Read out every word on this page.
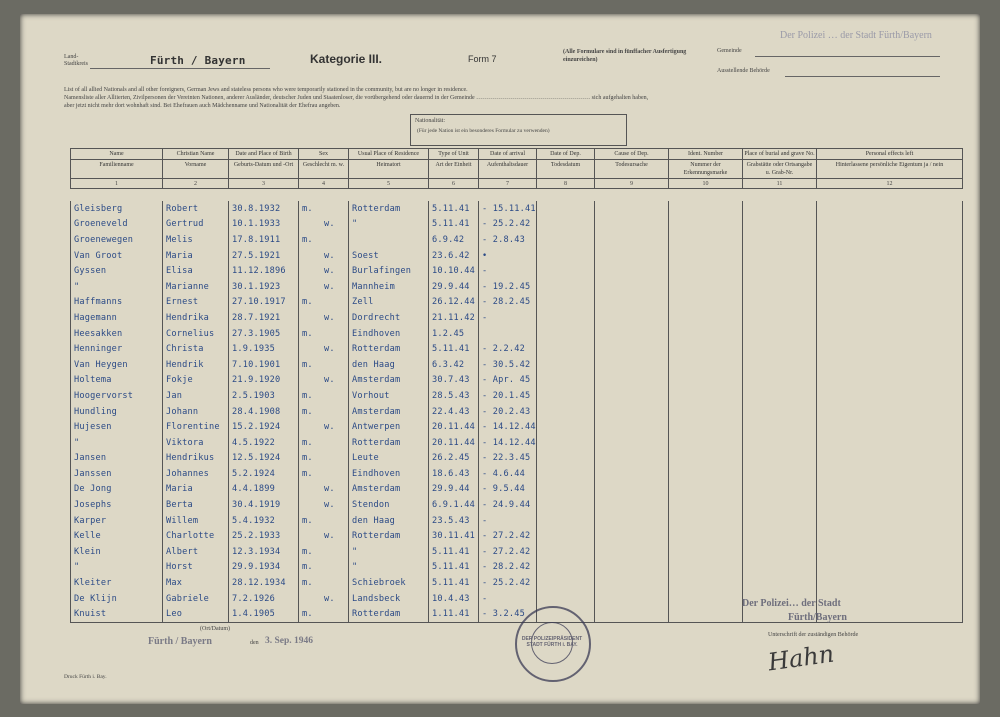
Land-
Stadtkreis	Fürth / Bayern	Kategorie III.	Form 7
(Alle Formulare sind in fünffacher Ausfertigung einzureichen)
Gemeinde
Ausstellende Behörde
Der Polizei … der Stadt Fürth/Bayern
List of all allied Nationals and all other foreigners, German Jews and stateless persons who were temporarily stationed in the community, but are no longer in residence.
Namensliste aller Alliierten, Zivilpersonen der Vereinten Nationen, anderer Ausländer, deutscher Juden und Staatenloser, die vorübergehend oder dauernd in der Gemeinde ………………………………………………… sich aufgehalten haben,
aber jetzt nicht mehr dort wohnhaft sind. Bei Ehefrauen auch Mädchenname und Nationalität der Ehefrau angeben.
Nationalität:
(Für jede Nation ist ein besonderes Formular zu verwenden)
Name	Christian Name	Date and Place of Birth	Sex	Usual Place of Residence	Type of Unit	Date of arrival	Date of Dep.	Cause of Dep.	Ident. Number	Place of burial and grave No.	Personal effects left
Familienname	Vorname	Geburts-Datum und -Ort	Geschlecht m. w.	Heimatort	Art der Einheit	Aufenthaltsdauer	Todesdatum	Todesursache	Nummer der Erkennungsmarke	Grabstätte oder Ortsangabe u. Grab-Nr.	Hinterlassene persönliche Eigentum ja / nein
1	2	3	4	5	6	7	8	9	10	11	12

Gleisberg	Robert	30.8.1932	m.	Rotterdam	5.11.41	- 15.11.41					
Groeneveld	Gertrud	10.1.1933	w.	"	5.11.41	- 25.2.42					
Groenewegen	Melis	17.8.1911	m.		6.9.42	- 2.8.43					
Van Groot	Maria	27.5.1921	w.	Soest	23.6.42	•					
Gyssen	Elisa	11.12.1896	w.	Burlafingen	10.10.44	-					
"	Marianne	30.1.1923	w.	Mannheim	29.9.44	- 19.2.45					
Haffmanns	Ernest	27.10.1917	m.	Zell	26.12.44	- 28.2.45					
Hagemann	Hendrika	28.7.1921	w.	Dordrecht	21.11.42	-					
Heesakken	Cornelius	27.3.1905	m.	Eindhoven	1.2.45						
Henninger	Christa	1.9.1935	w.	Rotterdam	5.11.41	- 2.2.42					
Van Heygen	Hendrik	7.10.1901	m.	den Haag	6.3.42	- 30.5.42					
Holtema	Fokje	21.9.1920	w.	Amsterdam	30.7.43	- Apr. 45					
Hoogervorst	Jan	2.5.1903	m.	Vorhout	28.5.43	- 20.1.45					
Hundling	Johann	28.4.1908	m.	Amsterdam	22.4.43	- 20.2.43					
Hujesen	Florentine	15.2.1924	w.	Antwerpen	20.11.44	- 14.12.44					
"	Viktora	4.5.1922	m.	Rotterdam	20.11.44	- 14.12.44					
Jansen	Hendrikus	12.5.1924	m.	Leute	26.2.45	- 22.3.45					
Janssen	Johannes	5.2.1924	m.	Eindhoven	18.6.43	- 4.6.44					
De Jong	Maria	4.4.1899	w.	Amsterdam	29.9.44	- 9.5.44					
Josephs	Berta	30.4.1919	w.	Stendon	6.9.1.44	- 24.9.44					
Karper	Willem	5.4.1932	m.	den Haag	23.5.43	-					
Kelle	Charlotte	25.2.1933	w.	Rotterdam	30.11.41	- 27.2.42					
Klein	Albert	12.3.1934	m.	"	5.11.41	- 27.2.42					
"	Horst	29.9.1934	m.	"	5.11.41	- 28.2.42					
Kleiter	Max	28.12.1934	m.	Schiebroek	5.11.41	- 25.2.42					
De Klijn	Gabriele	7.2.1926	w.	Landsbeck	10.4.43	-					
Knuist	Leo	1.4.1905	m.	Rotterdam	1.11.41	- 3.2.45					
(Ort/Datum)
Fürth / Bayern	den 3. Sep. 1946	DER POLIZEIPRÄSIDENT STADT FÜRTH i. BAY.
Der Polizei… der Stadt
Fürth/Bayern
Unterschrift der zuständigen Behörde
Hahn
Druck Fürth i. Bay.
